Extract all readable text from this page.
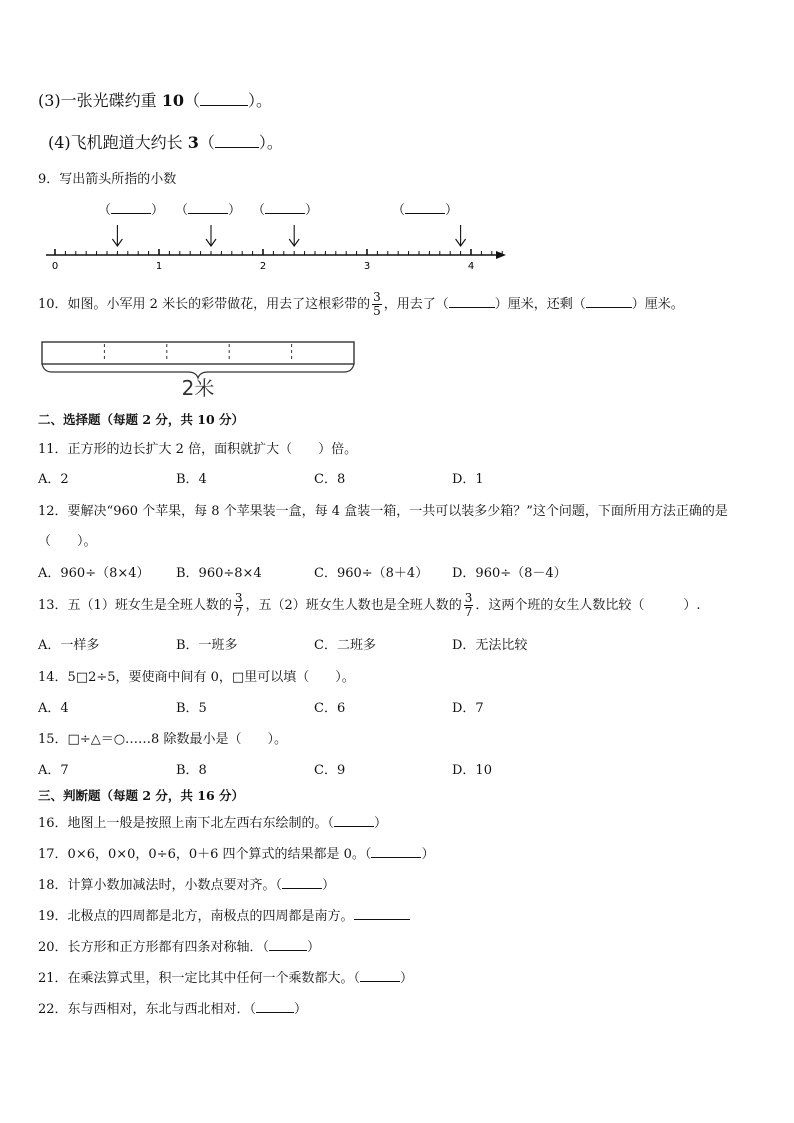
(3)一张光碟约重 10（	）。
(4)飞机跑道大约长 3（	）。
9．写出箭头所指的小数
（	） （	） （	）	（	）
0	1	2	3	4
10．如图。小军用 2 米长的彩带做花，用去了这根彩带的 $\frac{3}{5}$ ，用去了（	）厘米，还剩（	）厘米。
2米
二、选择题（每题 2 分，共 10 分）
11．正方形的边长扩大 2 倍，面积就扩大（　　）倍。
A．2	B．4	C．8	D．1
12．要解决“960 个苹果，每 8 个苹果装一盒，每 4 盒装一箱，一共可以装多少箱？”这个问题，下面所用方法正确的是
（　　）。
A．960÷（8×4） B．960÷8×4	C．960÷（8＋4） D．960÷（8－4）
13．五（1）班女生是全班人数的 $\frac{3}{7}$ ，五（2）班女生人数也是全班人数的 $\frac{3}{7}$ ．这两个班的女生人数比较（　　　）.
A．一样多	B．一班多	C．二班多	D．无法比较
14．5□2÷5，要使商中间有 0，□里可以填（　　）。
A．4	B．5	C．6	D．7
15．□÷△＝○……8 除数最小是（　　）。
A．7	B．8	C．9	D．10
三、判断题（每题 2 分，共 16 分）
16．地图上一般是按照上南下北左西右东绘制的。（	）
17．0×6，0×0，0÷6，0＋6 四个算式的结果都是 0。（	）
18．计算小数加减法时，小数点要对齐。（	）
19．北极点的四周都是北方，南极点的四周都是南方。
20．长方形和正方形都有四条对称轴．（	）
21．在乘法算式里，积一定比其中任何一个乘数都大。（	）
22．东与西相对，东北与西北相对．（	）
